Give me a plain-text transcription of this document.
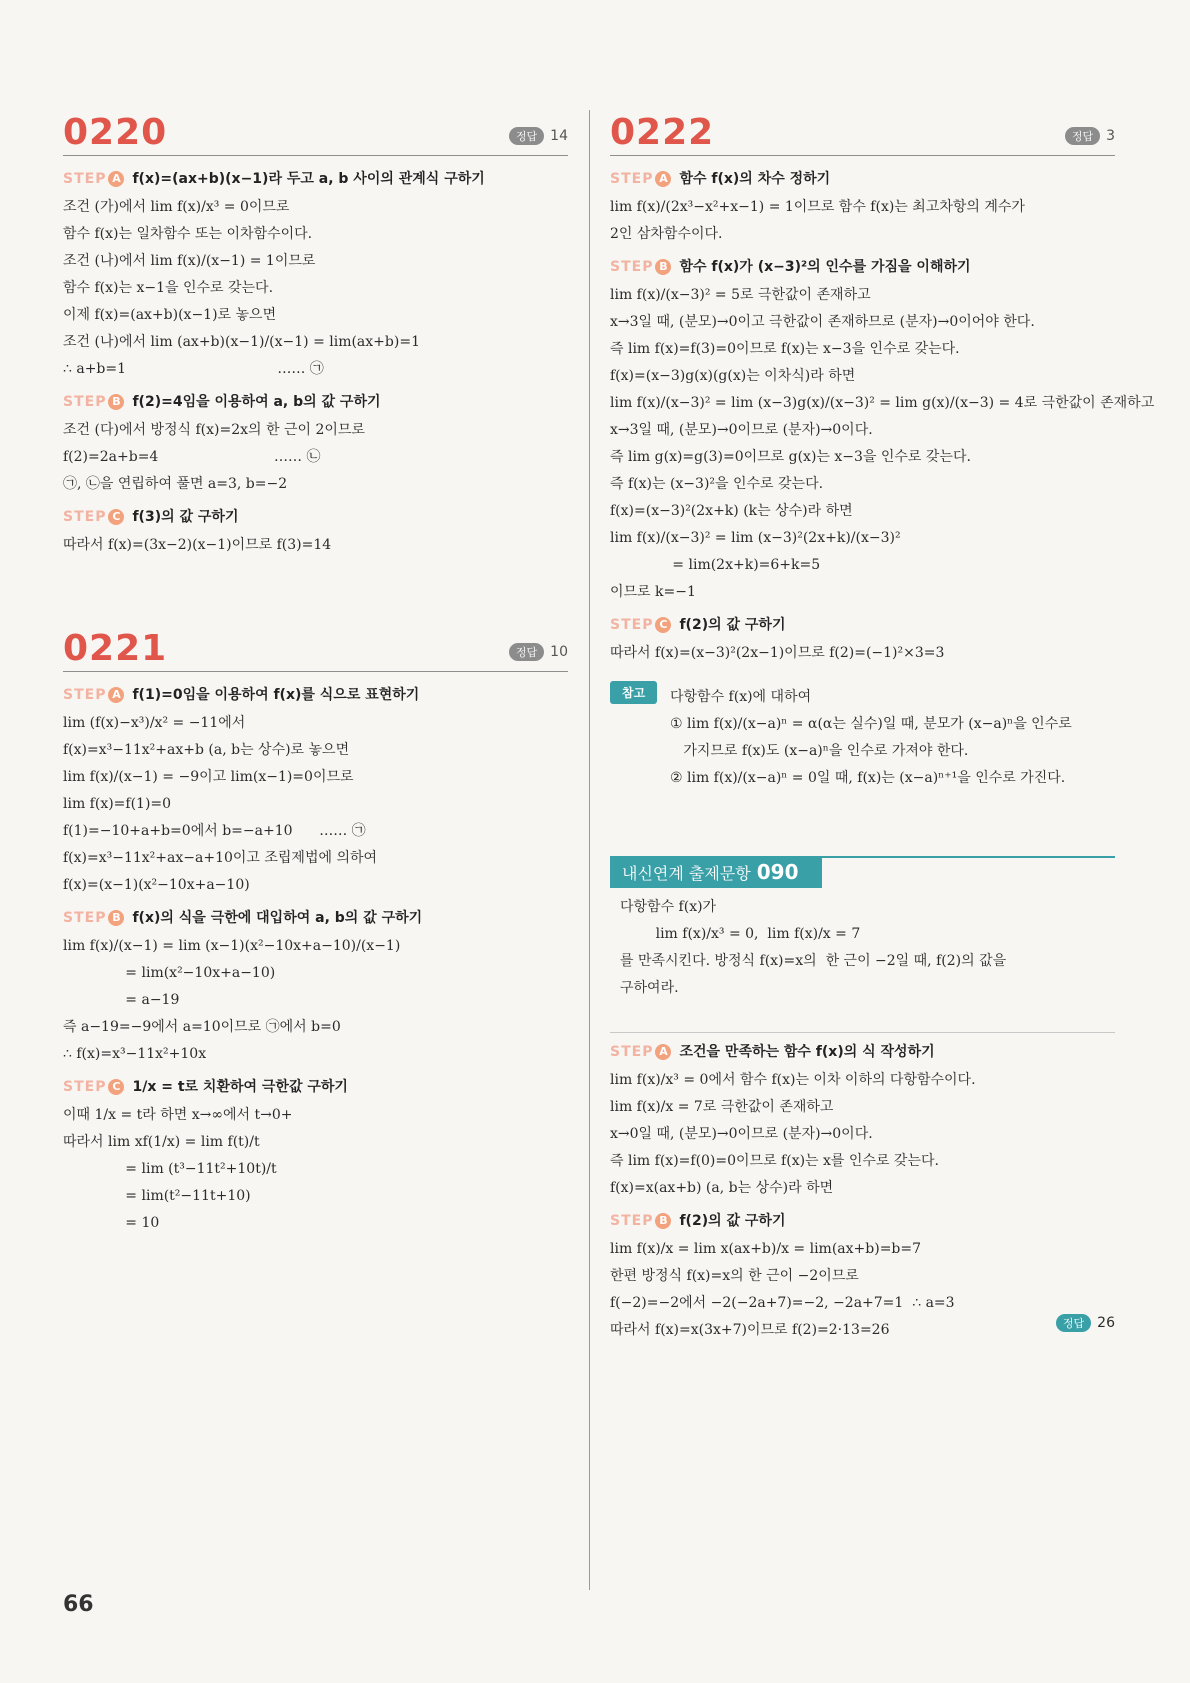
0220	정답 14
STEP A f(x)=(ax+b)(x−1)라 두고 a, b 사이의 관계식 구하기
조건 (가)에서 lim f(x)/x³ = 0이므로
함수 f(x)는 일차함수 또는 이차함수이다.
조건 (나)에서 lim f(x)/(x−1) = 1이므로
함수 f(x)는 x−1을 인수로 갖는다.
이제 f(x)=(ax+b)(x−1)로 놓으면
조건 (나)에서 lim (ax+b)(x−1)/(x−1) = lim(ax+b)=1
∴ a+b=1                                  …… ㉠
STEP B f(2)=4임을 이용하여 a, b의 값 구하기
조건 (다)에서 방정식 f(x)=2x의 한 근이 2이므로
f(2)=2a+b=4                          …… ㉡
㉠, ㉡을 연립하여 풀면 a=3, b=−2
STEP C f(3)의 값 구하기
따라서 f(x)=(3x−2)(x−1)이므로 f(3)=14
0221	정답 10
STEP A f(1)=0임을 이용하여 f(x)를 식으로 표현하기
lim (f(x)−x³)/x² = −11에서
f(x)=x³−11x²+ax+b (a, b는 상수)로 놓으면
lim f(x)/(x−1) = −9이고 lim(x−1)=0이므로
lim f(x)=f(1)=0
f(1)=−10+a+b=0에서 b=−a+10      …… ㉠
f(x)=x³−11x²+ax−a+10이고 조립제법에 의하여
f(x)=(x−1)(x²−10x+a−10)
STEP B f(x)의 식을 극한에 대입하여 a, b의 값 구하기
lim f(x)/(x−1) = lim (x−1)(x²−10x+a−10)/(x−1)
= lim(x²−10x+a−10)
= a−19
즉 a−19=−9에서 a=10이므로 ㉠에서 b=0
∴ f(x)=x³−11x²+10x
STEP C 1/x = t로 치환하여 극한값 구하기
이때 1/x = t라 하면 x→∞에서 t→0+
따라서 lim xf(1/x) = lim f(t)/t
= lim (t³−11t²+10t)/t
= lim(t²−11t+10)
= 10
0222	정답 3
STEP A 함수 f(x)의 차수 정하기
lim f(x)/(2x³−x²+x−1) = 1이므로 함수 f(x)는 최고차항의 계수가
2인 삼차함수이다.
STEP B 함수 f(x)가 (x−3)²의 인수를 가짐을 이해하기
lim f(x)/(x−3)² = 5로 극한값이 존재하고
x→3일 때, (분모)→0이고 극한값이 존재하므로 (분자)→0이어야 한다.
즉 lim f(x)=f(3)=0이므로 f(x)는 x−3을 인수로 갖는다.
f(x)=(x−3)g(x)(g(x)는 이차식)라 하면
lim f(x)/(x−3)² = lim (x−3)g(x)/(x−3)² = lim g(x)/(x−3) = 4로 극한값이 존재하고
x→3일 때, (분모)→0이므로 (분자)→0이다.
즉 lim g(x)=g(3)=0이므로 g(x)는 x−3을 인수로 갖는다.
즉 f(x)는 (x−3)²을 인수로 갖는다.
f(x)=(x−3)²(2x+k) (k는 상수)라 하면
lim f(x)/(x−3)² = lim (x−3)²(2x+k)/(x−3)²
= lim(2x+k)=6+k=5
이므로 k=−1
STEP C f(2)의 값 구하기
따라서 f(x)=(x−3)²(2x−1)이므로 f(2)=(−1)²×3=3
참고 다항함수 f(x)에 대하여
① lim f(x)/(x−a)ⁿ = α(α는 실수)일 때, 분모가 (x−a)ⁿ을 인수로
가지므로 f(x)도 (x−a)ⁿ을 인수로 가져야 한다.
② lim f(x)/(x−a)ⁿ = 0일 때, f(x)는 (x−a)ⁿ⁺¹을 인수로 가진다.
내신연계 출제문항 090
다항함수 f(x)가
lim f(x)/x³ = 0,  lim f(x)/x = 7
를 만족시킨다. 방정식 f(x)=x의  한 근이 −2일 때, f(2)의 값을
구하여라.
STEP A 조건을 만족하는 함수 f(x)의 식 작성하기
lim f(x)/x³ = 0에서 함수 f(x)는 이차 이하의 다항함수이다.
lim f(x)/x = 7로 극한값이 존재하고
x→0일 때, (분모)→0이므로 (분자)→0이다.
즉 lim f(x)=f(0)=0이므로 f(x)는 x를 인수로 갖는다.
f(x)=x(ax+b) (a, b는 상수)라 하면
STEP B f(2)의 값 구하기
lim f(x)/x = lim x(ax+b)/x = lim(ax+b)=b=7
한편 방정식 f(x)=x의 한 근이 −2이므로
f(−2)=−2에서 −2(−2a+7)=−2, −2a+7=1  ∴ a=3
따라서 f(x)=x(3x+7)이므로 f(2)=2·13=26	정답 26
66
